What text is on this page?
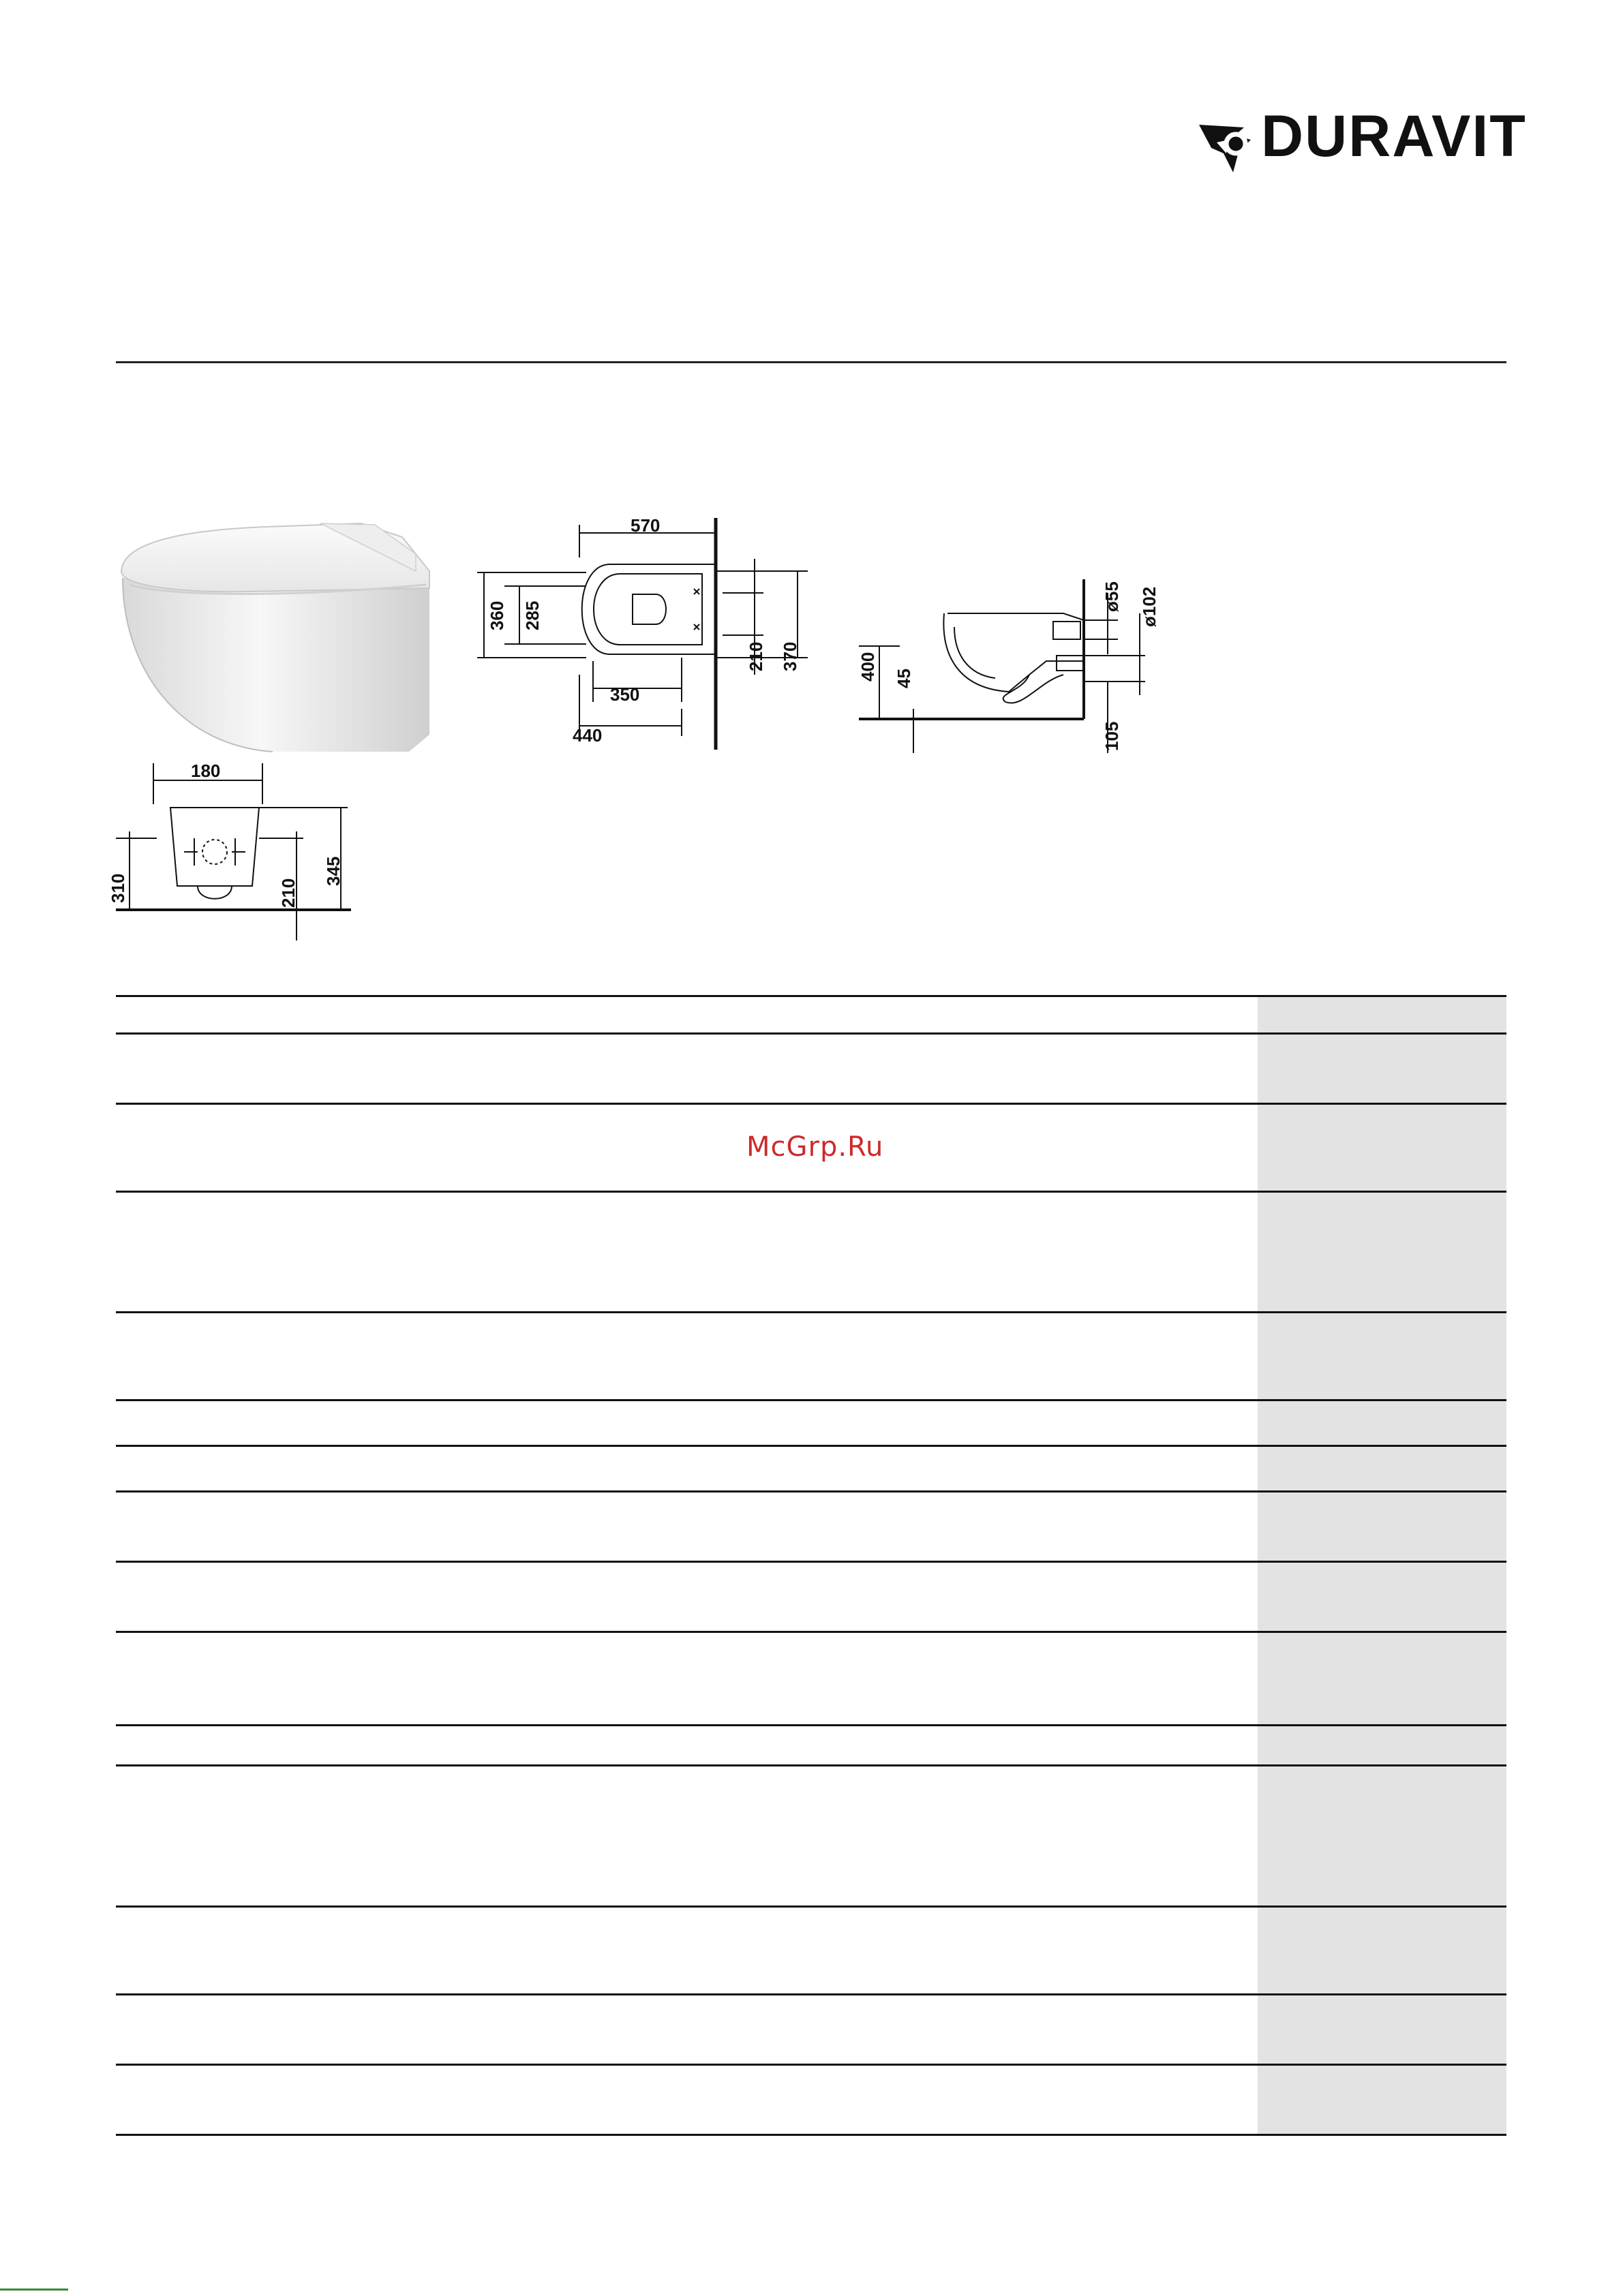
DURAVIT
570
360 285
350
440
210 370	400 45
ø55 ø102
105
180
310	210
345
McGrp.Ru
